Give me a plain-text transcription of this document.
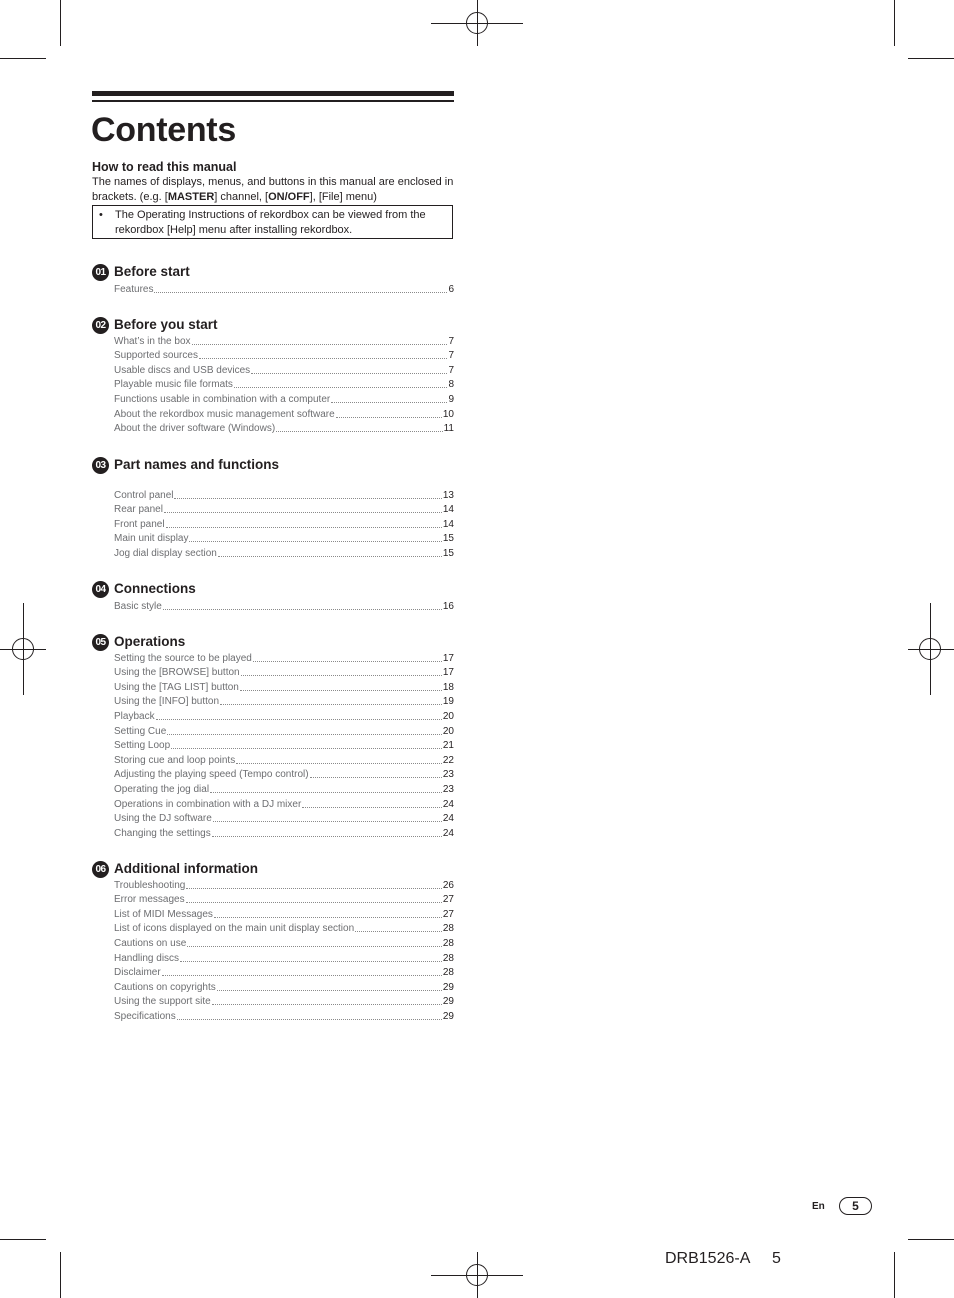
Contents
How to read this manual
The names of displays, menus, and buttons in this manual are enclosed in brackets. (e.g. [MASTER] channel, [ON/OFF], [File] menu)
• The Operating Instructions of rekordbox can be viewed from the rekordbox [Help] menu after installing rekordbox.
01 Before start
Features	6
02 Before you start
What’s in the box	7
Supported sources	7
Usable discs and USB devices	7
Playable music file formats	8
Functions usable in combination with a computer	9
About the rekordbox music management software	10
About the driver software (Windows)	11
03 Part names and functions
Control panel	13
Rear panel	14
Front panel	14
Main unit display	15
Jog dial display section	15
04 Connections
Basic style	16
05 Operations
Setting the source to be played	17
Using the [BROWSE] button	17
Using the [TAG LIST] button	18
Using the [INFO] button	19
Playback	20
Setting Cue	20
Setting Loop	21
Storing cue and loop points	22
Adjusting the playing speed (Tempo control)	23
Operating the jog dial	23
Operations in combination with a DJ mixer	24
Using the DJ software	24
Changing the settings	24
06 Additional information
Troubleshooting	26
Error messages	27
List of MIDI Messages	27
List of icons displayed on the main unit display section	28
Cautions on use	28
Handling discs	28
Disclaimer	28
Cautions on copyrights	29
Using the support site	29
Specifications	29
En	5
DRB1526-A 5
